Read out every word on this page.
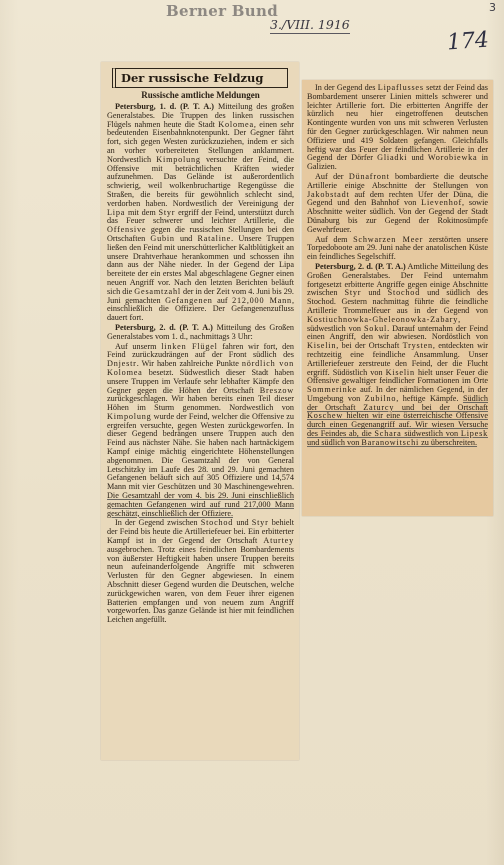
Berner Bund
3./VIII. 1916
174
3
Der russische Feldzug
Russische amtliche Meldungen

Petersburg, 1. d. (P. T. A.) Mitteilung des großen Generalstabes. Die Truppen des linken russischen Flügels nahmen heute die Stadt Kolomea, einen sehr bedeutenden Eisenbahnknotenpunkt. Der Gegner fährt fort, sich gegen Westen zurückzuziehen, indem er sich an vorher vorbereiteten Stellungen anklammert. Nordwestlich Kimpolung versuchte der Feind, die Offensive mit beträchtlichen Kräften wieder aufzunehmen. Das Gelände ist außerordentlich schwierig, weil wolkenbruchartige Regengüsse die Straßen, die bereits für gewöhnlich schlecht sind, verdorben haben. Nordwestlich der Vereinigung der Lipa mit dem Styr ergriff der Feind, unterstützt durch das Feuer schwerer und leichter Artillerie, die Offensive gegen die russischen Stellungen bei den Ortschaften Gubin und Rataline. Unsere Truppen ließen den Feind mit unerschütterlicher Kaltblütigkeit an unsere Drahtverhaue herankommen und schossen ihn dann aus der Nähe nieder. In der Gegend der Lipa bereitete der ein erstes Mal abgeschlagene Gegner einen neuen Angriff vor. Nach den letzten Berichten beläuft sich die Gesamtzahl der in der Zeit vom 4. Juni bis 29. Juni gemachten Gefangenen auf 212,000 Mann, einschließlich die Offiziere. Der Gefangenenzufluss dauert fort.

Petersburg, 2. d. (P. T. A.) Mitteilung des Großen Generalstabes vom 1. d., nachmittags 3 Uhr:

Auf unserm linken Flügel fahren wir fort, den Feind zurückzudrängen auf der Front südlich des Dnjestr. Wir haben zahlreiche Punkte nördlich von Kolomea besetzt. Südwestlich dieser Stadt haben unsere Truppen im Verlaufe sehr lebhafter Kämpfe den Gegner gegen die Höhen der Ortschaft Breszow zurückgeschlagen. Wir haben bereits einen Teil dieser Höhen im Sturm genommen. Nordwestlich von Kimpolung wurde der Feind, welcher die Offensive zu ergreifen versuchte, gegen Westen zurückgeworfen. In dieser Gegend bedrängen unsere Truppen auch den Feind aus nächster Nähe. Sie haben nach hartnäckigem Kampf einige mächtig eingerichtete Höhenstellungen abgenommen. Die Gesamtzahl der von General Letschitzky im Laufe des 28. und 29. Juni gemachten Gefangenen beläuft sich auf 305 Offiziere und 14,574 Mann mit vier Geschützen und 30 Maschinengewehren. Die Gesamtzahl der vom 4. bis 29. Juni einschließlich gemachten Gefangenen wird auf rund 217,000 Mann geschätzt, einschließlich der Offiziere.

In der Gegend zwischen Stochod und Styr behielt der Feind bis heute die Artilleriefeuer bei. Ein erbitterter Kampf ist in der Gegend der Ortschaft Aturtey ausgebrochen. Trotz eines feindlichen Bombardements von äußerster Heftigkeit haben unsere Truppen bereits neun aufeinanderfolgende Angriffe mit schweren Verlusten für den Gegner abgewiesen. In einem Abschnitt dieser Gegend wurden die Deutschen, welche zurückgewichen waren, von dem Feuer ihrer eigenen Batterien empfangen und von neuem zum Angriff vorgeworfen. Das ganze Gelände ist hier mit feindlichen Leichen angefüllt.

In der Gegend des Lipaflusses setzt der Feind das Bombardement unserer Linien mittels schwerer und leichter Artillerie fort. Die erbitterten Angriffe der kürzlich neu hier eingetroffenen deutschen Kontingente wurden von uns mit schweren Verlusten für den Gegner zurückgeschlagen. Wir nahmen neun Offiziere und 419 Soldaten gefangen. Gleichfalls heftig war das Feuer der feindlichen Artillerie in der Gegend der Dörfer Gliadki und Worobiewka in Galizien.

Auf der Dünafront bombardierte die deutsche Artillerie einige Abschnitte der Stellungen von Jakobstadt auf dem rechten Ufer der Düna, die Gegend und den Bahnhof von Lievenhof, sowie Abschnitte weiter südlich. Von der Gegend der Stadt Dünaburg bis zur Gegend der Rokitnosümpfe Gewehrfeuer.

Auf dem Schwarzen Meer zerstörten unsere Torpedoboote am 29. Juni nahe der anatolischen Küste ein feindliches Segelschiff.

Petersburg, 2. d. (P. T. A.) Amtliche Mitteilung des Großen Generalstabes. Der Feind unternahm fortgesetzt erbitterte Angriffe gegen einige Abschnitte zwischen Styr und Stochod und südlich des Stochod. Gestern nachmittag führte die feindliche Artillerie Trommelfeuer aus in der Gegend von Kostiuchnowka-Gheleonowka-Zabary, südwestlich von Sokul. Darauf unternahm der Feind einen Angriff, den wir abwiesen. Nordöstlich von Kiselin, bei der Ortschaft Trysten, entdeckten wir rechtzeitig eine feindliche Ansammlung. Unser Artilleriefeuer zerstreute den Feind, der die Flucht ergriff. Südöstlich von Kiselin hielt unser Feuer die Offensive gewaltiger feindlicher Formationen im Orte Sommerinke auf. In der nämlichen Gegend, in der Umgebung von Zubilno, heftige Kämpfe. Südlich der Ortschaft Zaturcy und bei der Ortschaft Koschew hielten wir eine österreichische Offensive durch einen Gegenangriff auf. Wir wiesen Versuche des Feindes ab, die Schara südwestlich von Lipesk und südlich von Baranowitschi zu überschreiten.
